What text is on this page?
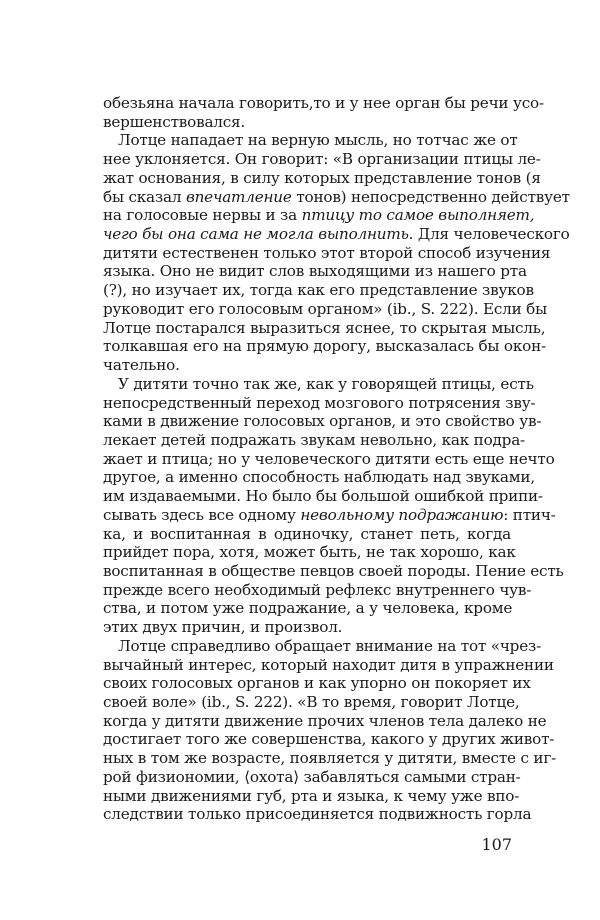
обезьяна начала говорить,то и у нее орган бы речи усо-
вершенствовался.
Лотце нападает на верную мысль, но тотчас же от
нее уклоняется. Он говорит: «В организации птицы ле-
жат основания, в силу которых представление тонов (я
бы сказал впечатление тонов) непосредственно действует
на голосовые нервы и за птицу то самое выполняет,
чего бы она сама не могла выполнить. Для человеческого
дитяти естественен только этот второй способ изучения
языка. Оно не видит слов выходящими из нашего рта
(?), но изучает их, тогда как его представление звуков
руководит его голосовым органом» (ib., S. 222). Если бы
Лотце постарался выразиться яснее, то скрытая мысль,
толкавшая его на прямую дорогу, высказалась бы окон-
чательно.
У дитяти точно так же, как у говорящей птицы, есть
непосредственный переход мозгового потрясения зву-
ками в движение голосовых органов, и это свойство ув-
лекает детей подражать звукам невольно, как подра-
жает и птица; но у человеческого дитяти есть еще нечто
другое, а именно способность наблюдать над звуками,
им издаваемыми. Но было бы большой ошибкой припи-
сывать здесь все одному невольному подражанию: птич-
ка, и воспитанная в одиночку, станет петь, когда
прийдет пора, хотя, может быть, не так хорошо, как
воспитанная в обществе певцов своей породы. Пение есть
прежде всего необходимый рефлекс внутреннего чув-
ства, и потом уже подражание, а у человека, кроме
этих двух причин, и произвол.
Лотце справедливо обращает внимание на тот «чрез-
вычайный интерес, который находит дитя в упражнении
своих голосовых органов и как упорно он покоряет их
своей воле» (ib., S. 222). «В то время, говорит Лотце,
когда у дитяти движение прочих членов тела далеко не
достигает того же совершенства, какого у других живот-
ных в том же возрасте, появляется у дитяти, вместе с иг-
рой физиономии, ⟨охота⟩ забавляться самыми стран-
ными движениями губ, рта и языка, к чему уже впо-
следствии только присоединяется подвижность горла
107
